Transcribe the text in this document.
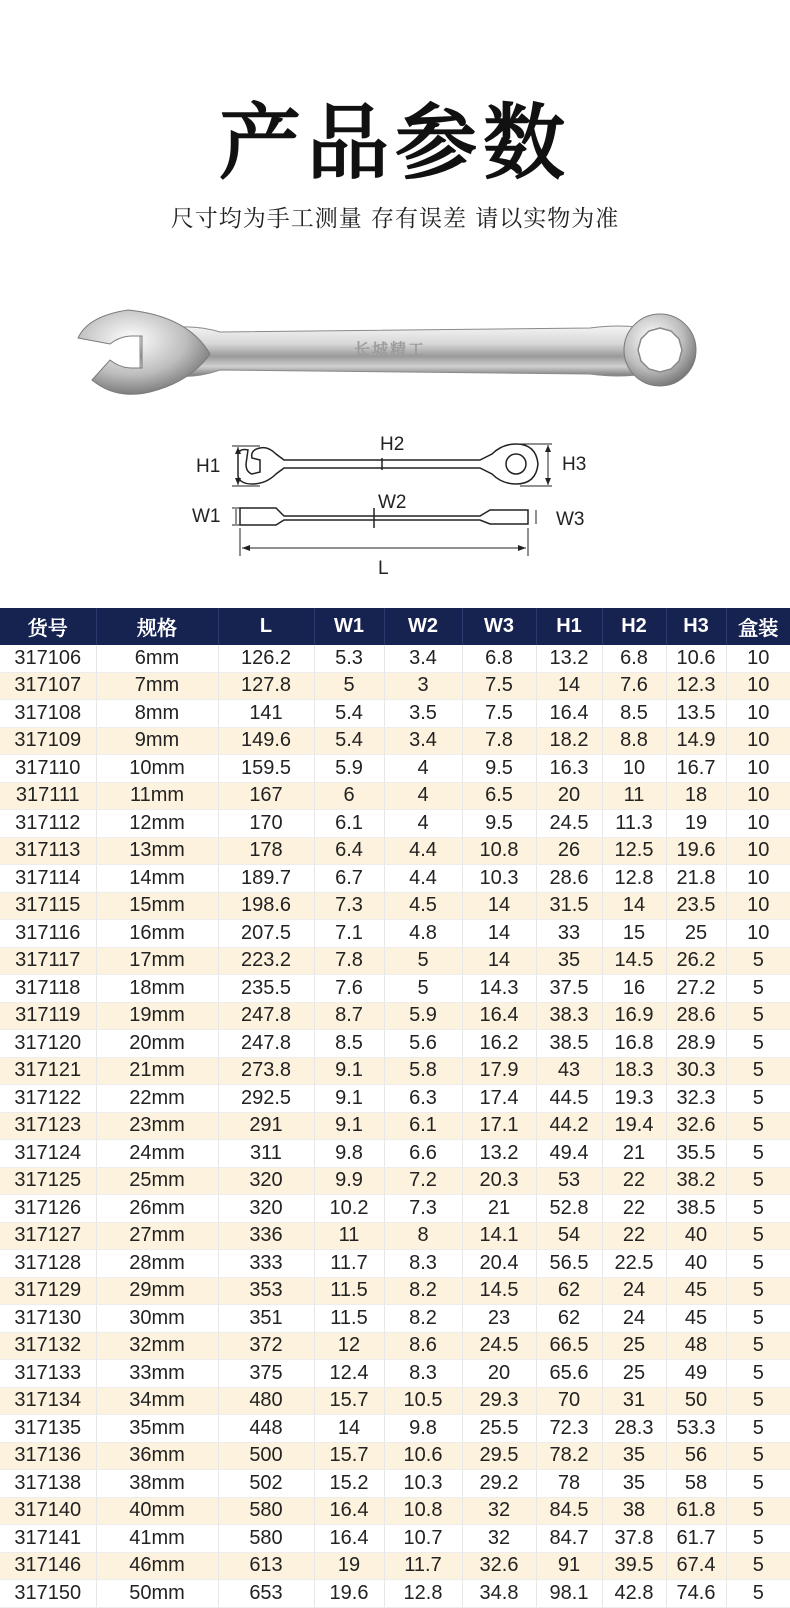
产品参数
尺寸均为手工测量 存有误差 请以实物为准
长城精工
H1
H2
H3
W1
W2
W3
L
货号	规格	L	W1	W2	W3	H1	H2	H3	盒装
317106	6mm	126.2	5.3	3.4	6.8	13.2	6.8	10.6	10
317107	7mm	127.8	5	3	7.5	14	7.6	12.3	10
317108	8mm	141	5.4	3.5	7.5	16.4	8.5	13.5	10
317109	9mm	149.6	5.4	3.4	7.8	18.2	8.8	14.9	10
317110	10mm	159.5	5.9	4	9.5	16.3	10	16.7	10
317111	11mm	167	6	4	6.5	20	11	18	10
317112	12mm	170	6.1	4	9.5	24.5	11.3	19	10
317113	13mm	178	6.4	4.4	10.8	26	12.5	19.6	10
317114	14mm	189.7	6.7	4.4	10.3	28.6	12.8	21.8	10
317115	15mm	198.6	7.3	4.5	14	31.5	14	23.5	10
317116	16mm	207.5	7.1	4.8	14	33	15	25	10
317117	17mm	223.2	7.8	5	14	35	14.5	26.2	5
317118	18mm	235.5	7.6	5	14.3	37.5	16	27.2	5
317119	19mm	247.8	8.7	5.9	16.4	38.3	16.9	28.6	5
317120	20mm	247.8	8.5	5.6	16.2	38.5	16.8	28.9	5
317121	21mm	273.8	9.1	5.8	17.9	43	18.3	30.3	5
317122	22mm	292.5	9.1	6.3	17.4	44.5	19.3	32.3	5
317123	23mm	291	9.1	6.1	17.1	44.2	19.4	32.6	5
317124	24mm	311	9.8	6.6	13.2	49.4	21	35.5	5
317125	25mm	320	9.9	7.2	20.3	53	22	38.2	5
317126	26mm	320	10.2	7.3	21	52.8	22	38.5	5
317127	27mm	336	11	8	14.1	54	22	40	5
317128	28mm	333	11.7	8.3	20.4	56.5	22.5	40	5
317129	29mm	353	11.5	8.2	14.5	62	24	45	5
317130	30mm	351	11.5	8.2	23	62	24	45	5
317132	32mm	372	12	8.6	24.5	66.5	25	48	5
317133	33mm	375	12.4	8.3	20	65.6	25	49	5
317134	34mm	480	15.7	10.5	29.3	70	31	50	5
317135	35mm	448	14	9.8	25.5	72.3	28.3	53.3	5
317136	36mm	500	15.7	10.6	29.5	78.2	35	56	5
317138	38mm	502	15.2	10.3	29.2	78	35	58	5
317140	40mm	580	16.4	10.8	32	84.5	38	61.8	5
317141	41mm	580	16.4	10.7	32	84.7	37.8	61.7	5
317146	46mm	613	19	11.7	32.6	91	39.5	67.4	5
317150	50mm	653	19.6	12.8	34.8	98.1	42.8	74.6	5
